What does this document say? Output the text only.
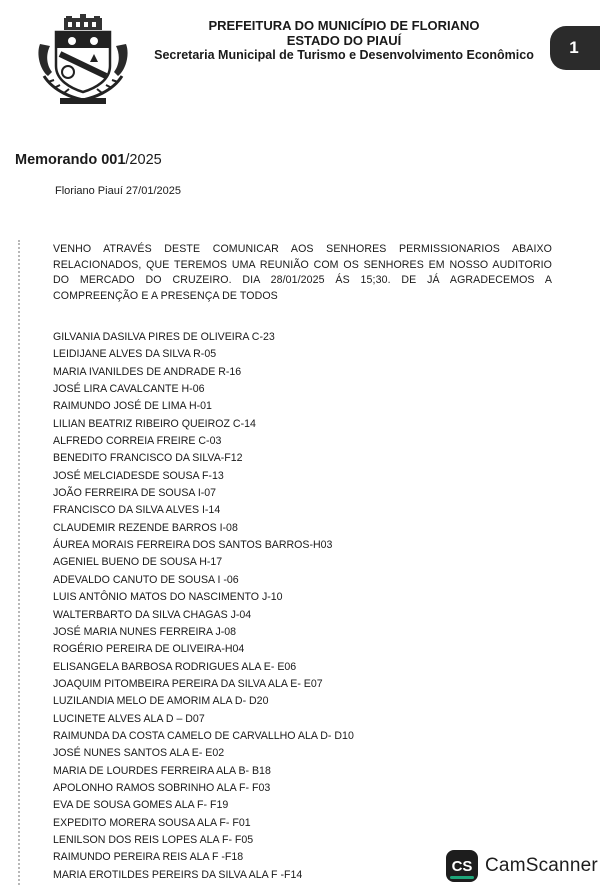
PREFEITURA DO MUNICÍPIO DE FLORIANO
ESTADO DO PIAUÍ
Secretaria Municipal de Turismo e Desenvolvimento Econômico	1
Memorando 001/2025
Floriano Piauí 27/01/2025
VENHO ATRAVÉS DESTE COMUNICAR AOS SENHORES PERMISSIONARIOS ABAIXO RELACIONADOS, QUE TEREMOS UMA REUNIÃO COM OS SENHORES EM NOSSO AUDITORIO DO MERCADO DO CRUZEIRO. DIA 28/01/2025 ÁS 15;30. DE JÁ AGRADECEMOS A COMPREENÇÃO E A PRESENÇA DE TODOS
GILVANIA DASILVA PIRES DE OLIVEIRA C-23
LEIDIJANE ALVES DA SILVA R-05
MARIA IVANILDES DE ANDRADE R-16
JOSÉ LIRA CAVALCANTE H-06
RAIMUNDO JOSÉ DE LIMA H-01
LILIAN BEATRIZ RIBEIRO QUEIROZ C-14
ALFREDO CORREIA FREIRE C-03
BENEDITO FRANCISCO DA SILVA-F12
JOSÉ MELCIADESDE SOUSA F-13
JOÃO FERREIRA DE SOUSA I-07
FRANCISCO DA SILVA ALVES I-14
CLAUDEMIR REZENDE BARROS I-08
ÁUREA MORAIS FERREIRA DOS SANTOS BARROS-H03
AGENIEL BUENO DE SOUSA H-17
ADEVALDO CANUTO DE SOUSA I -06
LUIS ANTÔNIO MATOS DO NASCIMENTO J-10
WALTERBARTO DA SILVA CHAGAS J-04
JOSÉ MARIA NUNES FERREIRA J-08
ROGÉRIO PEREIRA DE OLIVEIRA-H04
ELISANGELA BARBOSA RODRIGUES ALA E- E06
JOAQUIM PITOMBEIRA PEREIRA DA SILVA ALA E- E07
LUZILANDIA MELO DE AMORIM ALA D- D20
LUCINETE ALVES ALA D – D07
RAIMUNDA DA COSTA CAMELO DE CARVALLHO ALA D- D10
JOSÉ NUNES SANTOS ALA E- E02
MARIA DE LOURDES FERREIRA ALA B- B18
APOLONHO RAMOS SOBRINHO ALA F- F03
EVA DE SOUSA GOMES ALA F- F19
EXPEDITO MORERA SOUSA ALA F- F01
LENILSON DOS REIS LOPES ALA F- F05
RAIMUNDO PEREIRA REIS ALA F -F18
MARIA EROTILDES PEREIRS DA SILVA ALA F -F14
CS CamScanner
